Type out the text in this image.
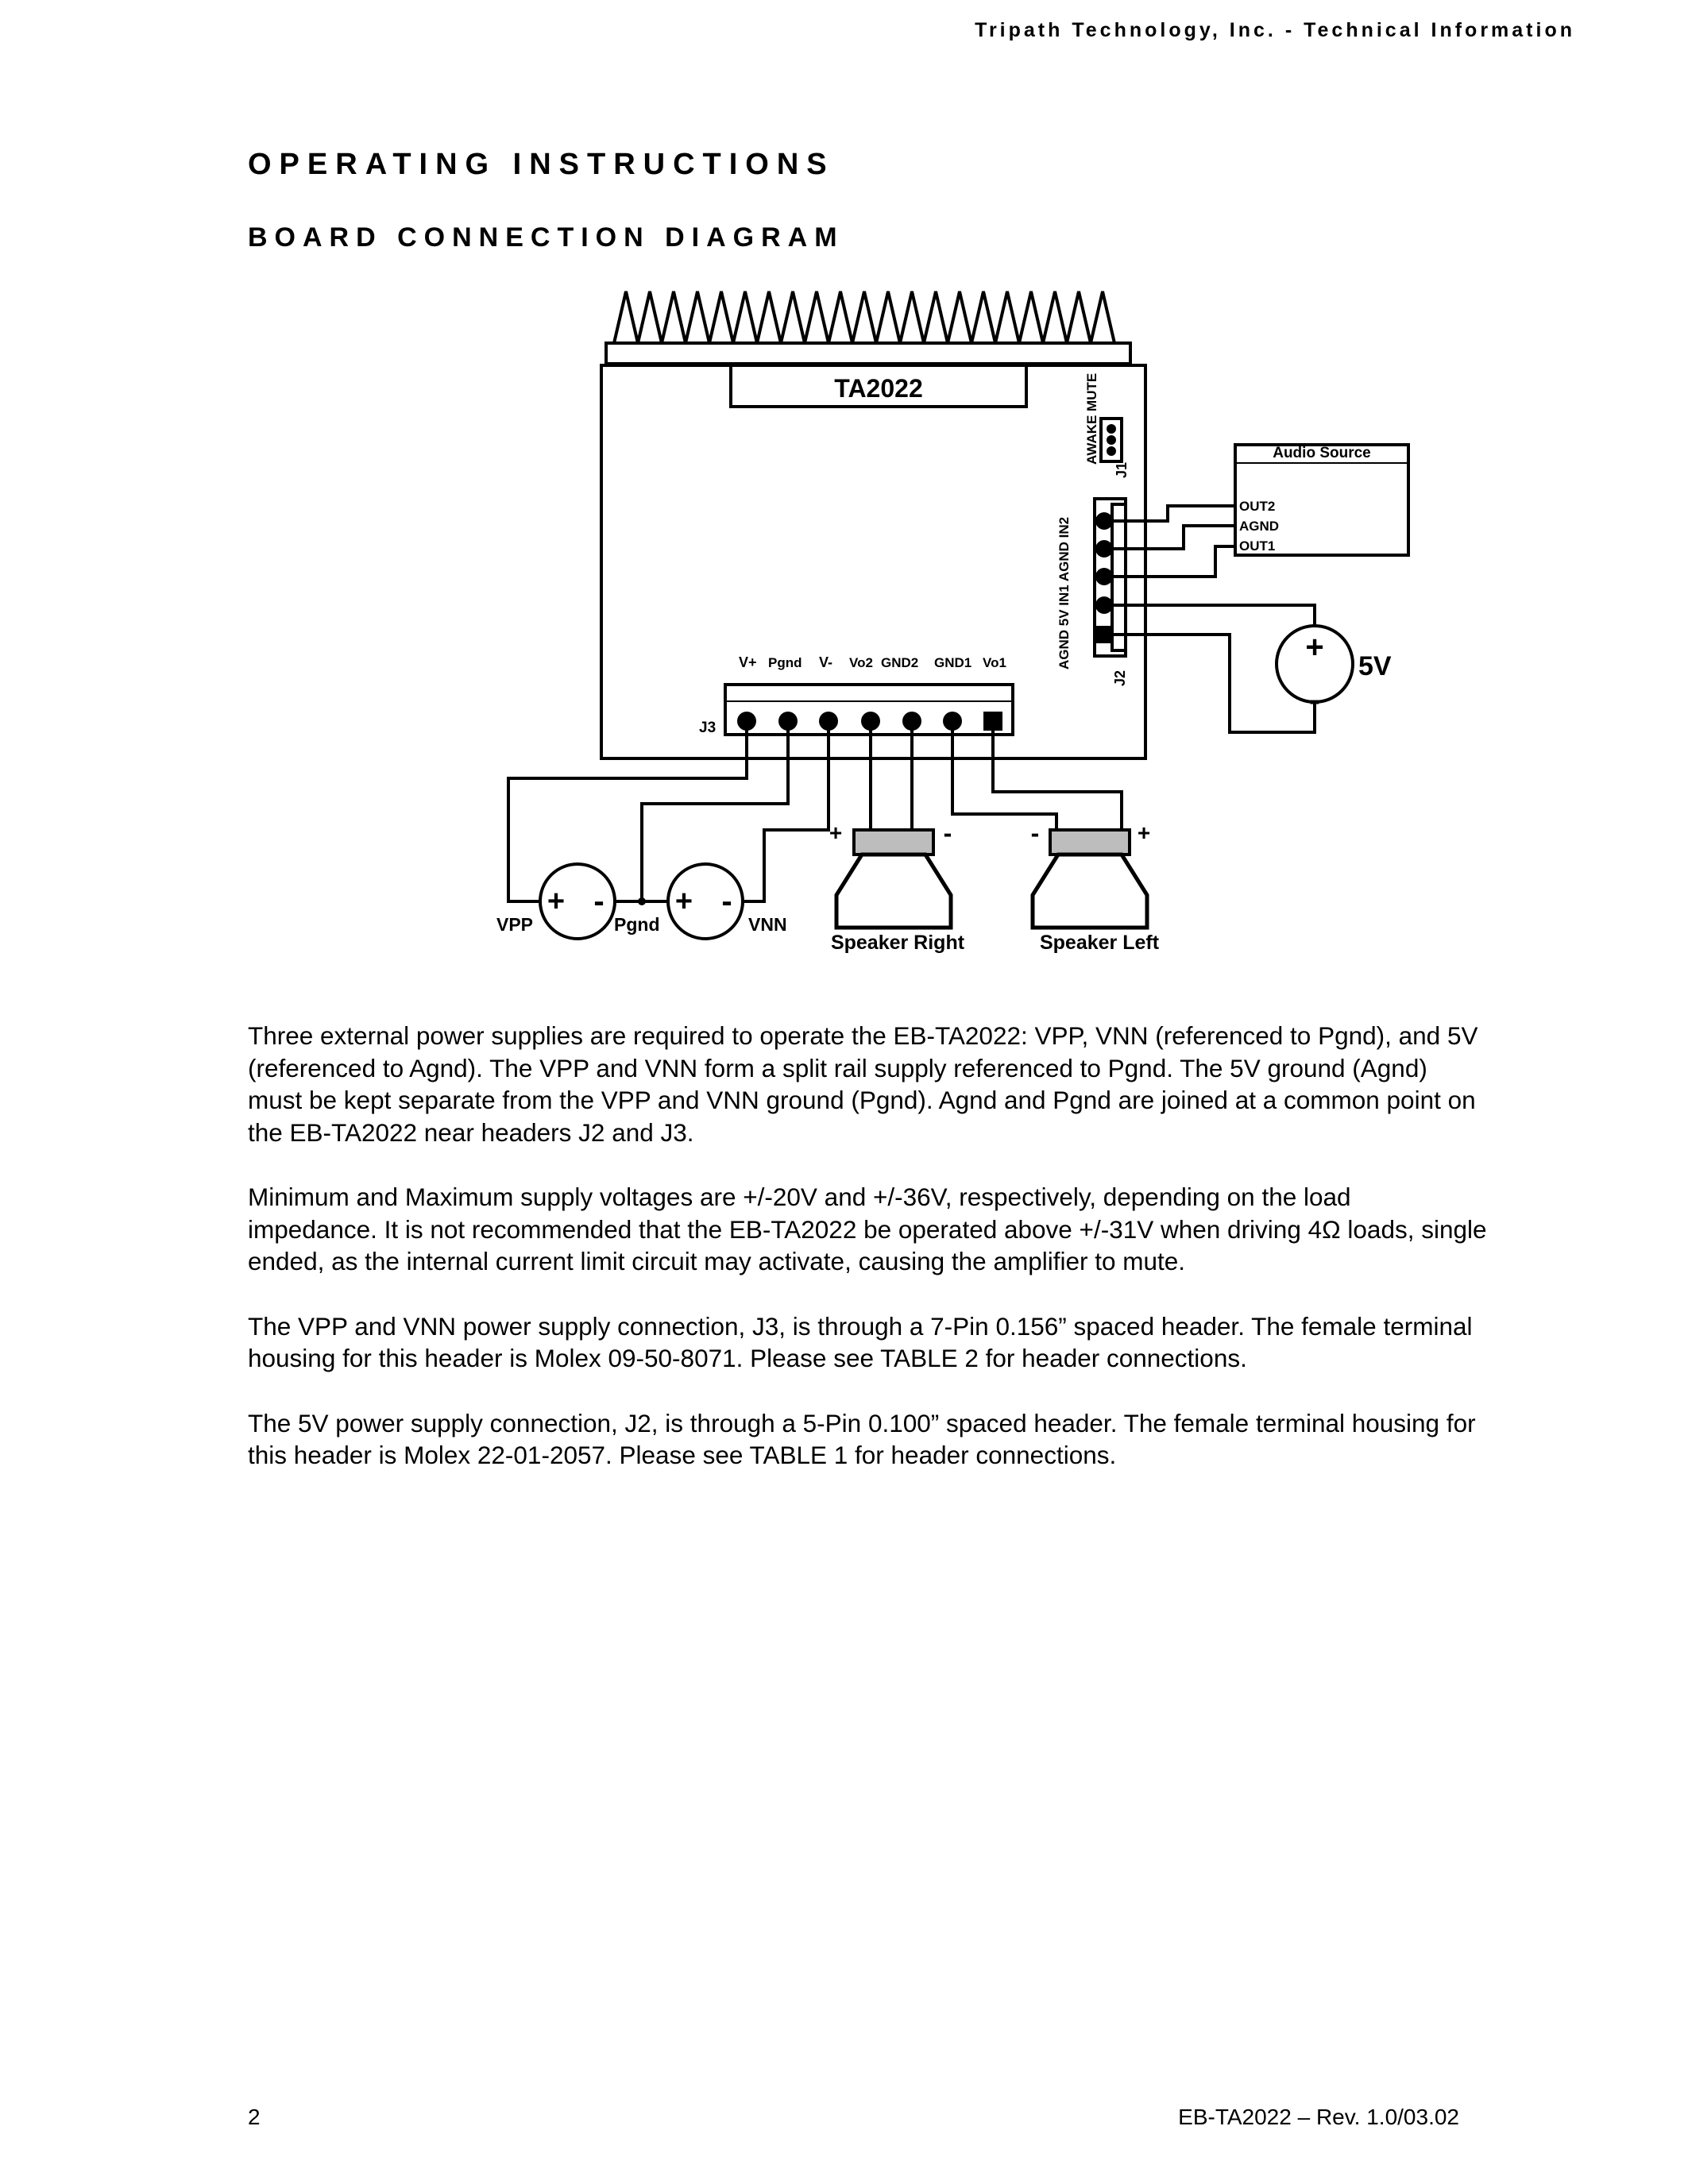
Tripath Technology, Inc. - Technical Information
OPERATING INSTRUCTIONS
BOARD CONNECTION DIAGRAM
TA2022	AWAKE MUTE
J1
AGND 5V IN1 AGND IN2
J2
J3
V+ Pgnd V- Vo2 GND2 GND1 Vo1
Audio Source
OUT2
AGND
OUT1
+
-
5V
+ - + -
VPP	Pgnd	VNN
+	-	-	+
Speaker Right	Speaker Left

Three external power supplies are required to operate the EB-TA2022: VPP, VNN (referenced to Pgnd), and 5V (referenced to Agnd). The VPP and VNN form a split rail supply referenced to Pgnd. The 5V ground (Agnd) must be kept separate from the VPP and VNN ground (Pgnd). Agnd and Pgnd are joined at a common point on the EB-TA2022 near headers J2 and J3.

Minimum and Maximum supply voltages are +/-20V and +/-36V, respectively, depending on the load impedance. It is not recommended that the EB-TA2022 be operated above +/-31V when driving 4Ω loads, single ended, as the internal current limit circuit may activate, causing the amplifier to mute.

The VPP and VNN power supply connection, J3, is through a 7-Pin 0.156” spaced header. The female terminal housing for this header is Molex 09-50-8071. Please see TABLE 2 for header connections.

The 5V power supply connection, J2, is through a 5-Pin 0.100” spaced header. The female terminal housing for this header is Molex 22-01-2057. Please see TABLE 1 for header connections.

2	EB-TA2022 – Rev. 1.0/03.02
